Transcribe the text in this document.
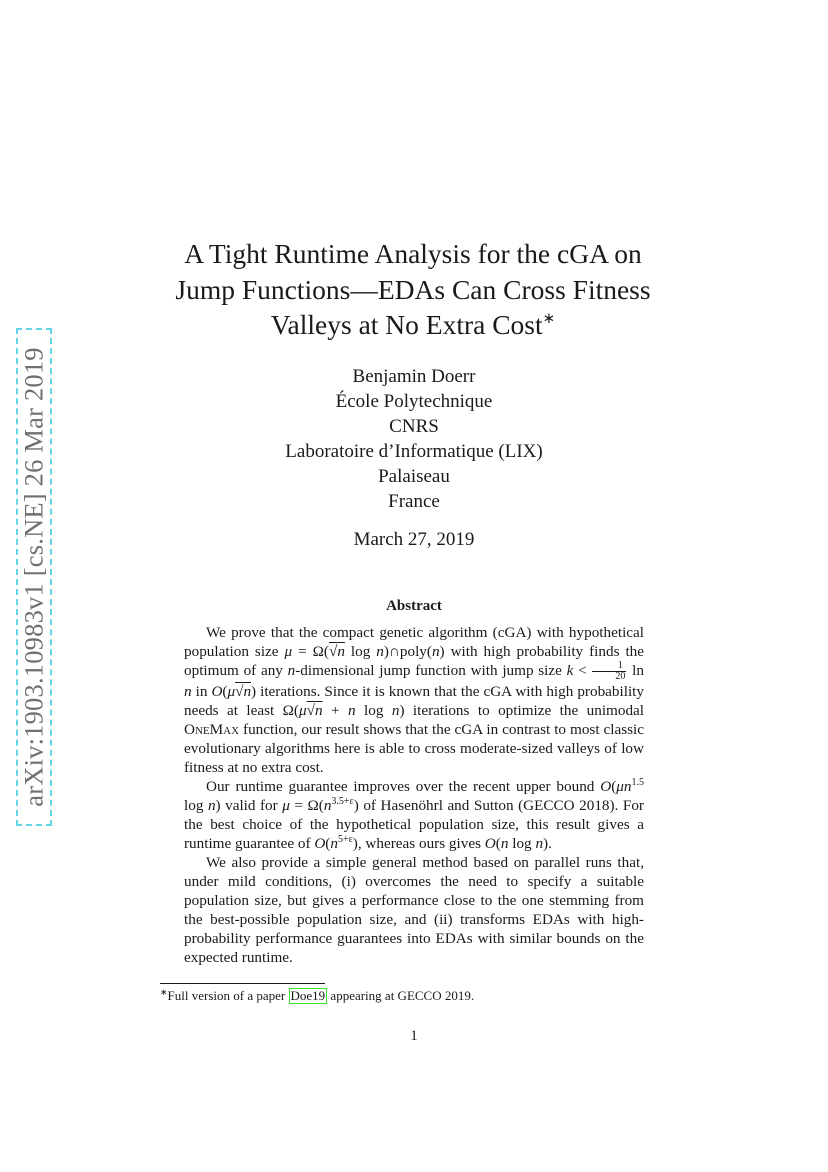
arXiv:1903.10983v1 [cs.NE] 26 Mar 2019
A Tight Runtime Analysis for the cGA on
Jump Functions—EDAs Can Cross Fitness
Valleys at No Extra Cost∗
Benjamin Doerr
École Polytechnique
CNRS
Laboratoire d’Informatique (LIX)
Palaiseau
France
March 27, 2019
Abstract

We prove that the compact genetic algorithm (cGA) with hypothetical population size μ = Ω(√n log n)∩poly(n) with high probability finds the optimum of any n-dimensional jump function with jump size $k < \frac{1}{20}$ ln n in O(μ√n) iterations. Since it is known that the cGA with high probability needs at least Ω(μ√n + n log n) iterations to optimize the unimodal OneMax function, our result shows that the cGA in contrast to most classic evolutionary algorithms here is able to cross moderate-sized valleys of low fitness at no extra cost.

Our runtime guarantee improves over the recent upper bound $O(\mu n^{1.5}$ log n) valid for $\mu = \Omega(n^{3.5+\varepsilon})$ of Hasenöhrl and Sutton (GECCO 2018). For the best choice of the hypothetical population size, this result gives a runtime guarantee of $O(n^{5+\varepsilon})$, whereas ours gives O(n log n).

We also provide a simple general method based on parallel runs that, under mild conditions, (i) overcomes the need to specify a suitable population size, but gives a performance close to the one stemming from the best-possible population size, and (ii) transforms EDAs with high-probability performance guarantees into EDAs with similar bounds on the expected runtime.

∗Full version of a paper Doe19 appearing at GECCO 2019.
1
